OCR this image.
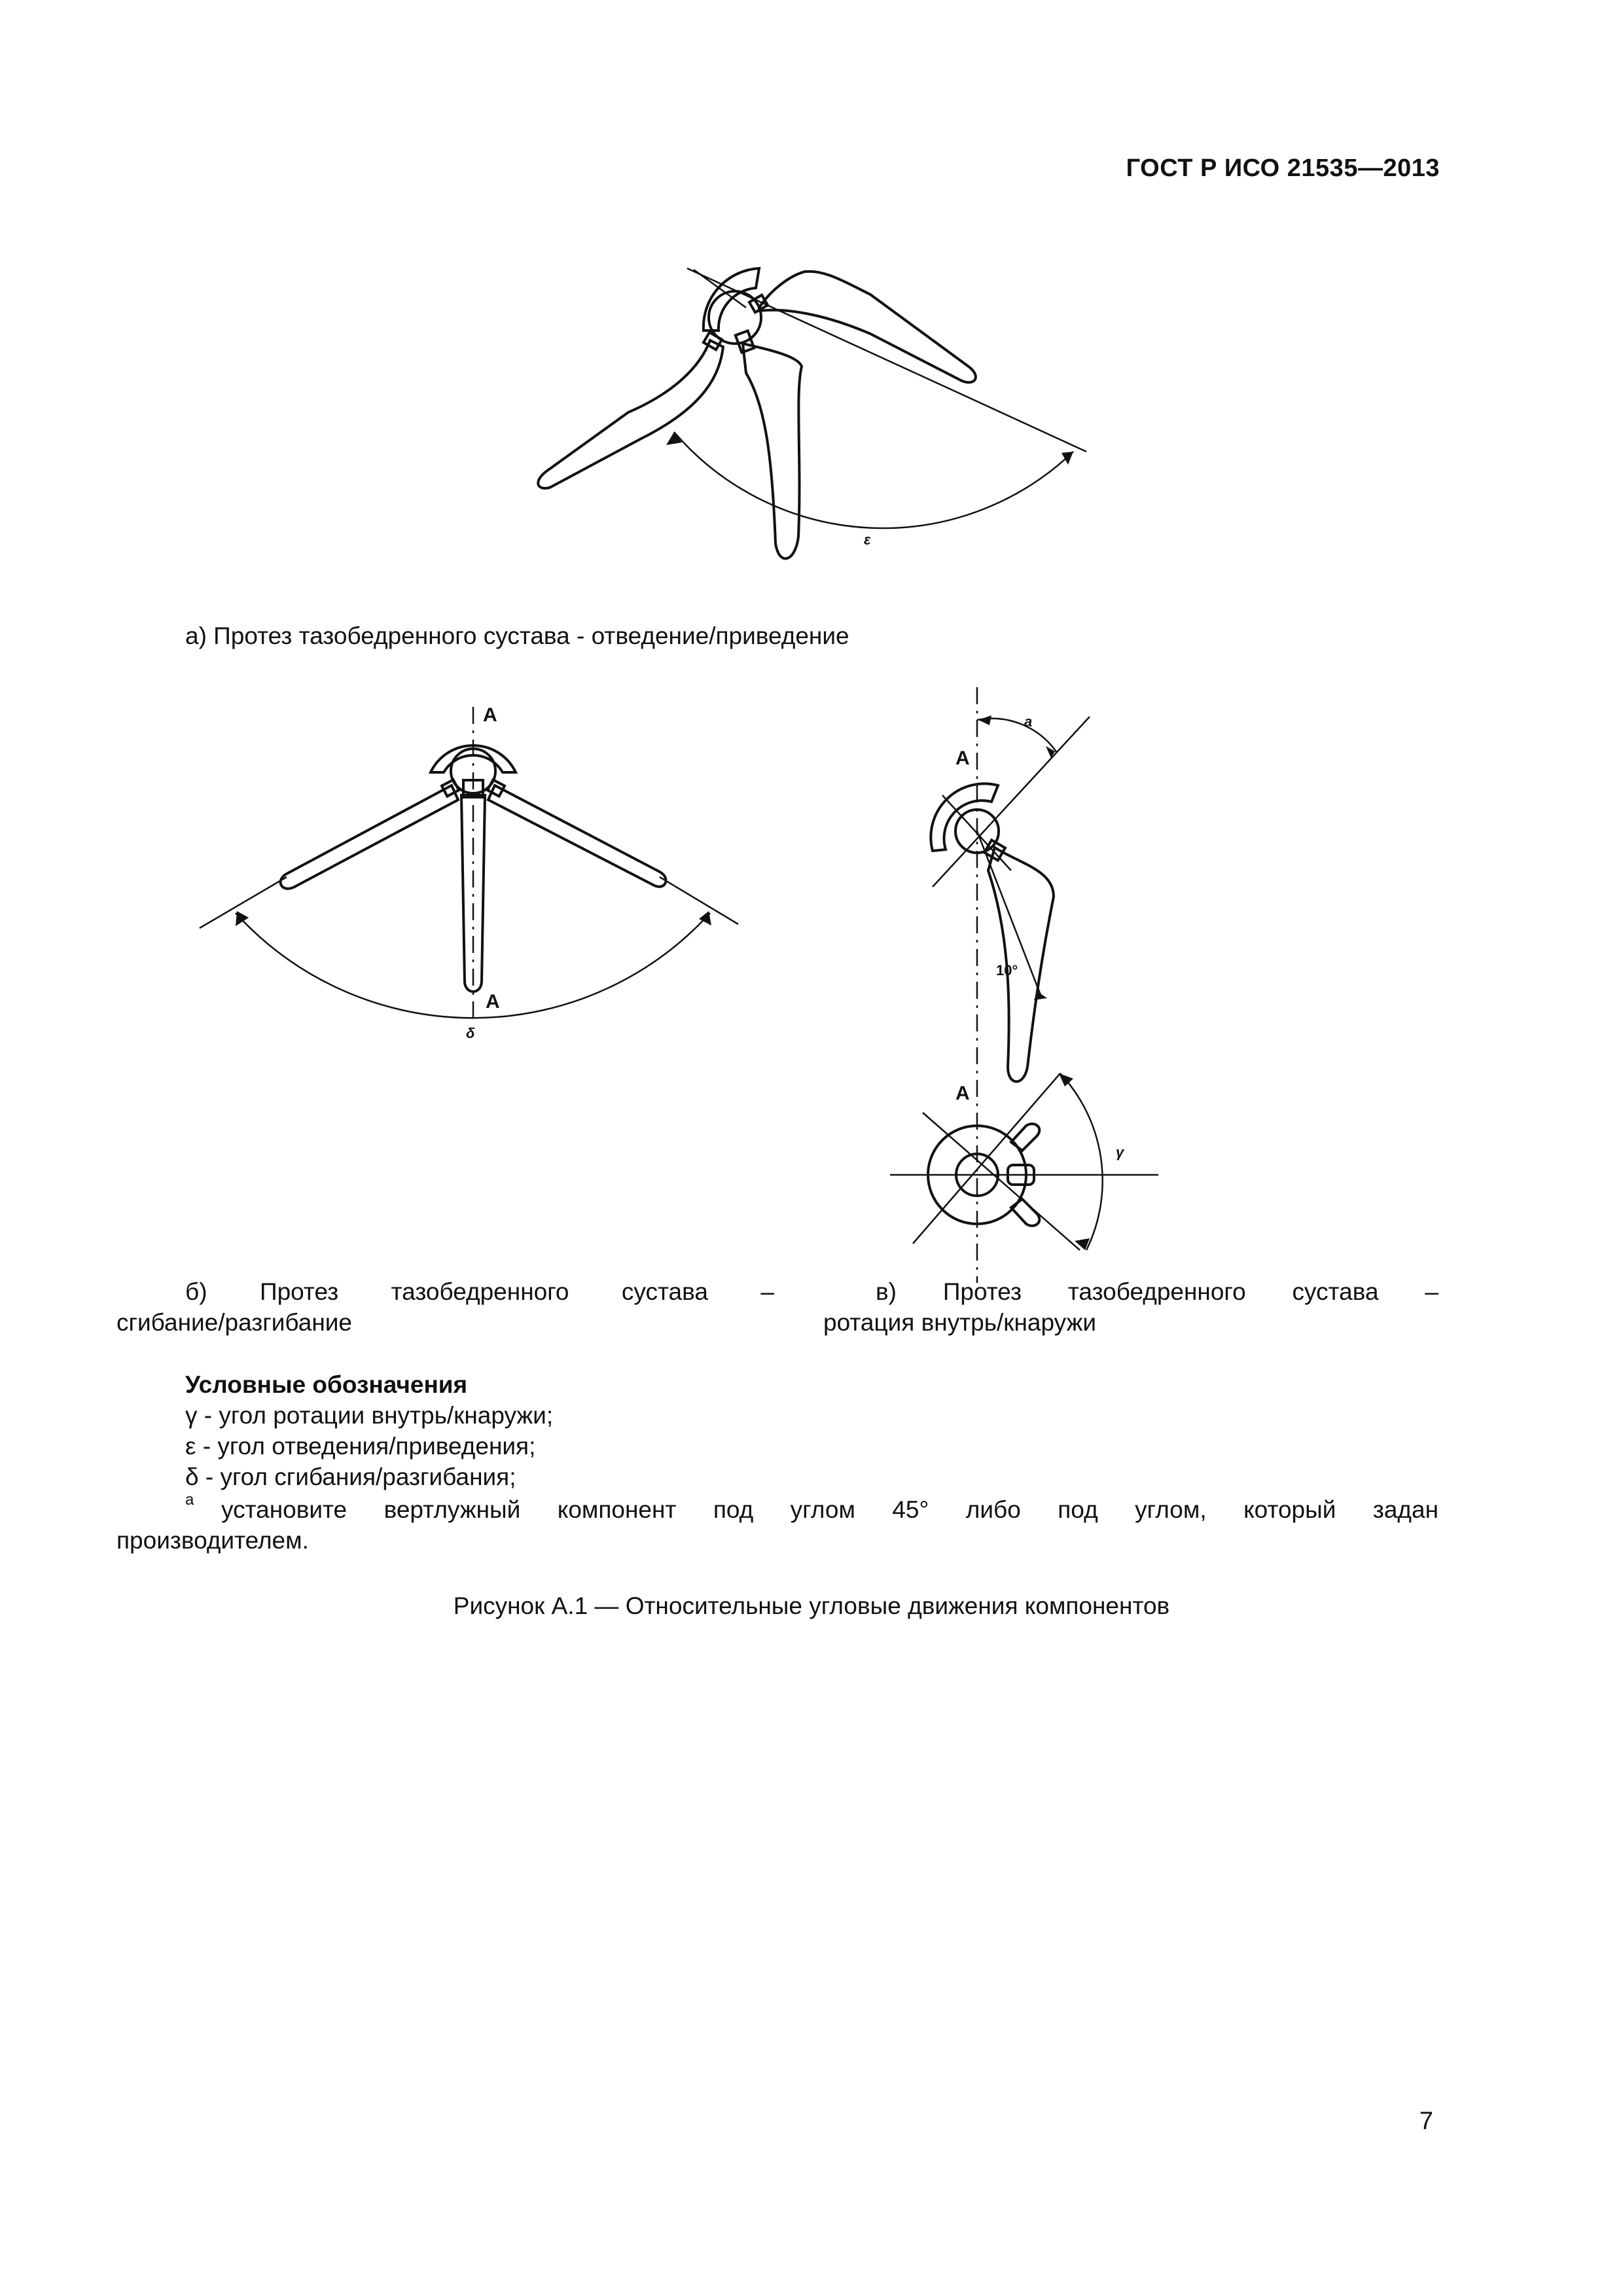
ГОСТ Р ИСО 21535—2013
ε
а) Протез тазобедренного сустава - отведение/приведение
A
A
δ
A
A
a
10°
γ
б) Протез тазобедренного сустава –
сгибание/разгибание
в) Протез тазобедренного сустава –
ротация внутрь/кнаружи
Условные обозначения
γ - угол ротации внутрь/кнаружи;
ε - угол отведения/приведения;
δ - угол сгибания/разгибания;
a установите вертлужный компонент под углом 45° либо под углом, который задан
производителем.
Рисунок А.1 — Относительные угловые движения компонентов
7
